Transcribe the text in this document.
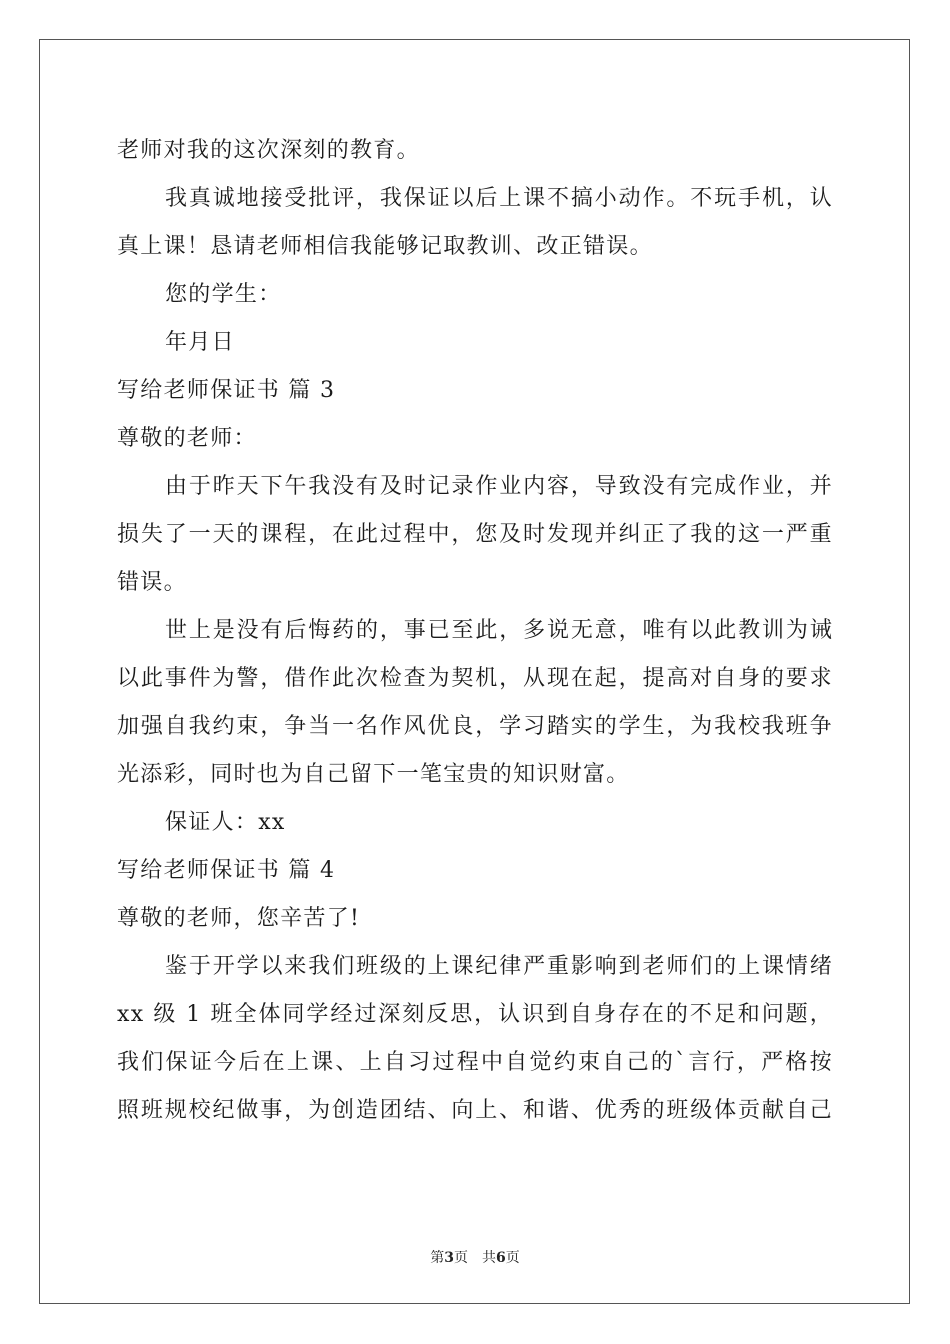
老师对我的这次深刻的教育。
我真诚地接受批评，我保证以后上课不搞小动作。不玩手机，认
真上课！恳请老师相信我能够记取教训、改正错误。
您的学生：
年月日
写给老师保证书 篇 3
尊敬的老师：
由于昨天下午我没有及时记录作业内容，导致没有完成作业，并
损失了一天的课程，在此过程中，您及时发现并纠正了我的这一严重
错误。
世上是没有后悔药的，事已至此，多说无意，唯有以此教训为诫
以此事件为警，借作此次检查为契机，从现在起，提高对自身的要求
加强自我约束，争当一名作风优良，学习踏实的学生，为我校我班争
光添彩，同时也为自己留下一笔宝贵的知识财富。
保证人：xx
写给老师保证书 篇 4
尊敬的老师，您辛苦了!
鉴于开学以来我们班级的上课纪律严重影响到老师们的上课情绪
xx 级 1 班全体同学经过深刻反思，认识到自身存在的不足和问题，
我们保证今后在上课、上自习过程中自觉约束自己的`言行，严格按
照班规校纪做事，为创造团结、向上、和谐、优秀的班级体贡献自己
第3页 共6页
